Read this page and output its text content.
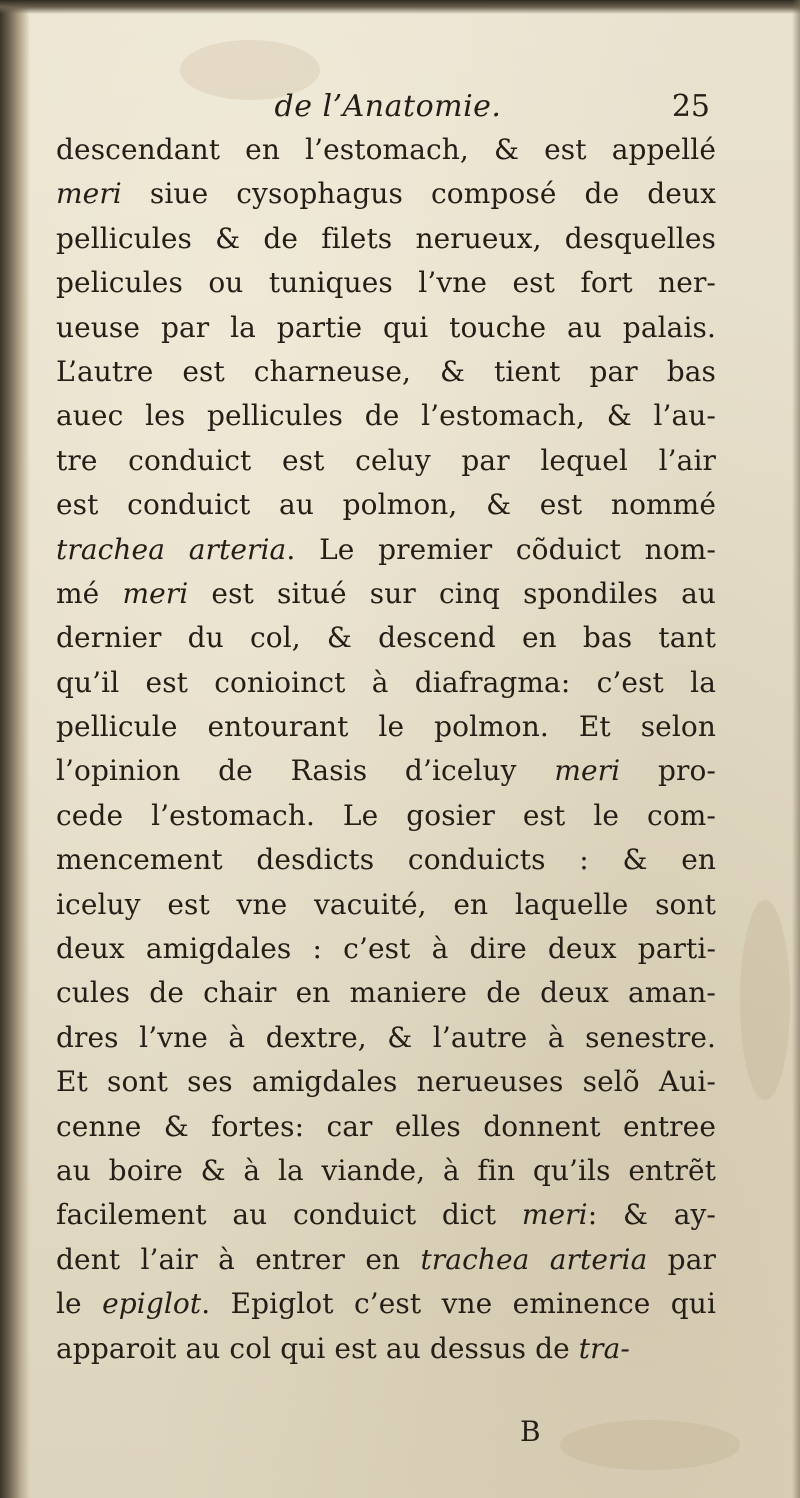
de l’Anatomie.	25
descendant en l’estomach, & est appellé
meri siue cysophagus composé de deux
pellicules & de filets nerueux, desquelles
pelicules ou tuniques l’vne est fort ner-
ueuse par la partie qui touche au palais.
L’autre est charneuse, & tient par bas
auec les pellicules de l’estomach, & l’au-
tre conduict est celuy par lequel l’air
est conduict au polmon, & est nommé
trachea arteria. Le premier cõduict nom-
mé meri est situé sur cinq spondiles au
dernier du col, & descend en bas tant
qu’il est conioinct à diafragma: c’est la
pellicule entourant le polmon. Et selon
l’opinion de Rasis d’iceluy meri pro-
cede l’estomach. Le gosier est le com-
mencement desdicts conduicts : & en
iceluy est vne vacuité, en laquelle sont
deux amigdales : c’est à dire deux parti-
cules de chair en maniere de deux aman-
dres l’vne à dextre, & l’autre à senestre.
Et sont ses amigdales nerueuses selõ Aui-
cenne & fortes: car elles donnent entree
au boire & à la viande, à fin qu’ils entrẽt
facilement au conduict dict meri: & ay-
dent l’air à entrer en trachea arteria par
le epiglot. Epiglot c’est vne eminence qui
apparoit au col qui est au dessus de tra-
B
